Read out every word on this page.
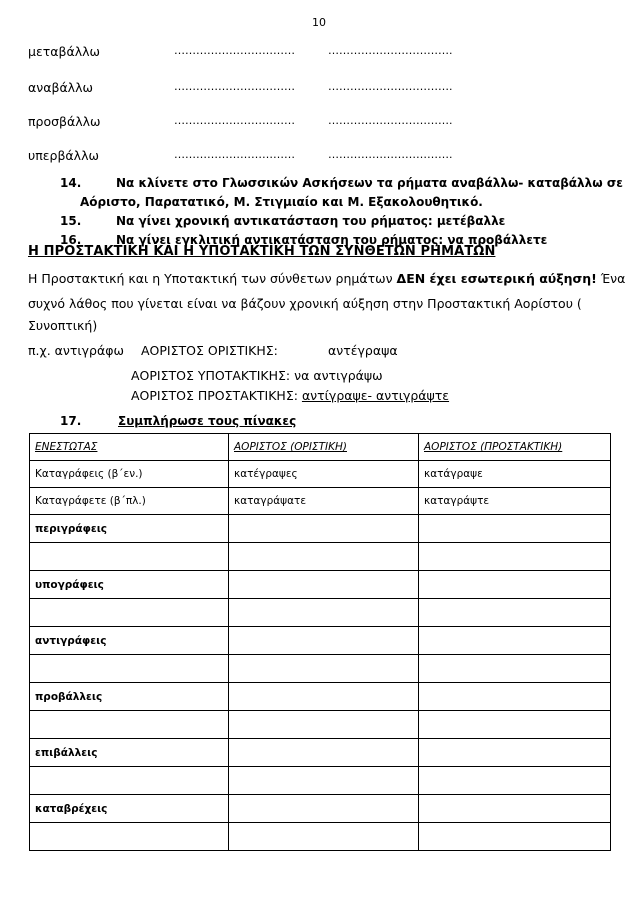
10
μεταβάλλω	……………………………	…………………………….
αναβάλλω	……………………………	…………………………….
προσβάλλω	……………………………	…………………………….
υπερβάλλω	……………………………	…………………………….
14.	Να κλίνετε στο Γλωσσικών Ασκήσεων τα ρήματα αναβάλλω- καταβάλλω σε
Αόριστο, Παρατατικό, Μ. Στιγμιαίο και Μ. Εξακολουθητικό.
15.	Να γίνει χρονική αντικατάσταση του ρήματος: μετέβαλλε
16.	Να γίνει εγκλιτική αντικατάσταση του ρήματος: να προβάλλετε
Η ΠΡΟΣΤΑΚΤΙΚΗ ΚΑΙ Η ΥΠΟΤΑΚΤΙΚΗ ΤΩΝ ΣΥΝΘΕΤΩΝ ΡΗΜΑΤΩΝ
Η Προστακτική και η Υποτακτική των σύνθετων ρημάτων ΔΕΝ έχει εσωτερική αύξηση! Ένα
συχνό λάθος που γίνεται είναι να βάζουν χρονική αύξηση στην Προστακτική Αορίστου (
Συνοπτική)
π.χ. αντιγράφω ΑΟΡΙΣΤΟΣ ΟΡΙΣΤΙΚΗΣ:	αντέγραψα
ΑΟΡΙΣΤΟΣ ΥΠΟΤΑΚΤΙΚΗΣ: να αντιγράψω
ΑΟΡΙΣΤΟΣ ΠΡΟΣΤΑΚΤΙΚΗΣ: αντίγραψε- αντιγράψτε
17.	Συμπλήρωσε τους πίνακες
ΕΝΕΣΤΩΤΑΣ	ΑΟΡΙΣΤΟΣ (ΟΡΙΣΤΙΚΗ)	ΑΟΡΙΣΤΟΣ (ΠΡΟΣΤΑΚΤΙΚΗ)
Καταγράφεις (β΄εν.)	κατέγραψες	κατάγραψε
Καταγράφετε (β΄πλ.)	καταγράψατε	καταγράψτε
περιγράφεις		

υπογράφεις		

αντιγράφεις		

προβάλλεις		

επιβάλλεις		

καταβρέχεις		
